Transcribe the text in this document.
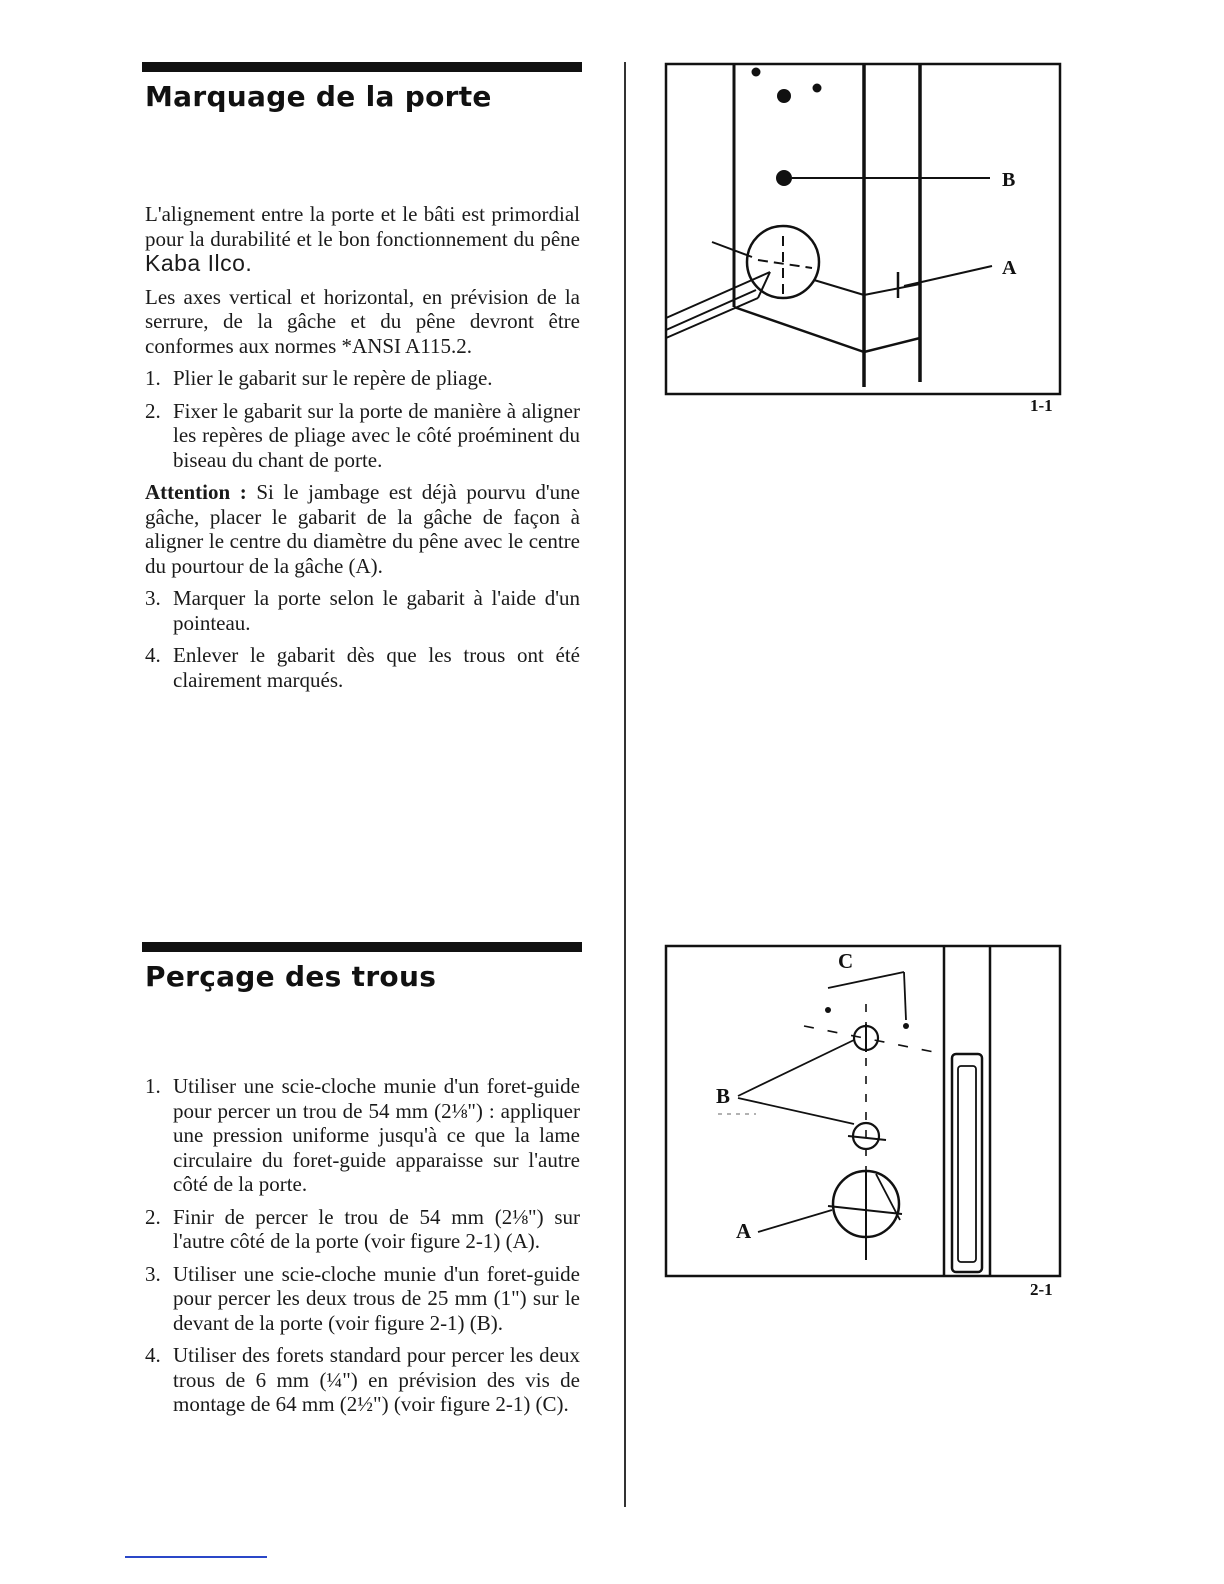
Marquage de la porte

L'alignement entre la porte et le bâti est primordial pour la durabilité et le bon fonctionnement du pêne Kaba Ilco.

Les axes vertical et horizontal, en prévision de la serrure, de la gâche et du pêne devront être conformes aux normes *ANSI A115.2.

1. Plier le gabarit sur le repère de pliage.
2. Fixer le gabarit sur la porte de manière à aligner les repères de pliage avec le côté proéminent du biseau du chant de porte.

Attention : Si le jambage est déjà pourvu d'une gâche, placer le gabarit de la gâche de façon à aligner le centre du diamètre du pêne avec le centre du pourtour de la gâche (A).

3. Marquer la porte selon le gabarit à l'aide d'un pointeau.
4. Enlever le gabarit dès que les trous ont été clairement marqués.
Perçage des trous
1. Utiliser une scie-cloche munie d'un foret-guide pour percer un trou de 54 mm (2⅛") : appliquer une pression uniforme jusqu'à ce que la lame circulaire du foret-guide apparaisse sur l'autre côté de la porte.
2. Finir de percer le trou de 54 mm (2⅛") sur l'autre côté de la porte (voir figure 2-1) (A).
3. Utiliser une scie-cloche munie d'un foret-guide pour percer les deux trous de 25 mm (1") sur le devant de la porte (voir figure 2-1) (B).
4. Utiliser des forets standard pour percer les deux trous de 6 mm (¼") en prévision des vis de montage de 64 mm (2½") (voir figure 2-1) (C).
B
A
1-1
C
B
A
2-1
